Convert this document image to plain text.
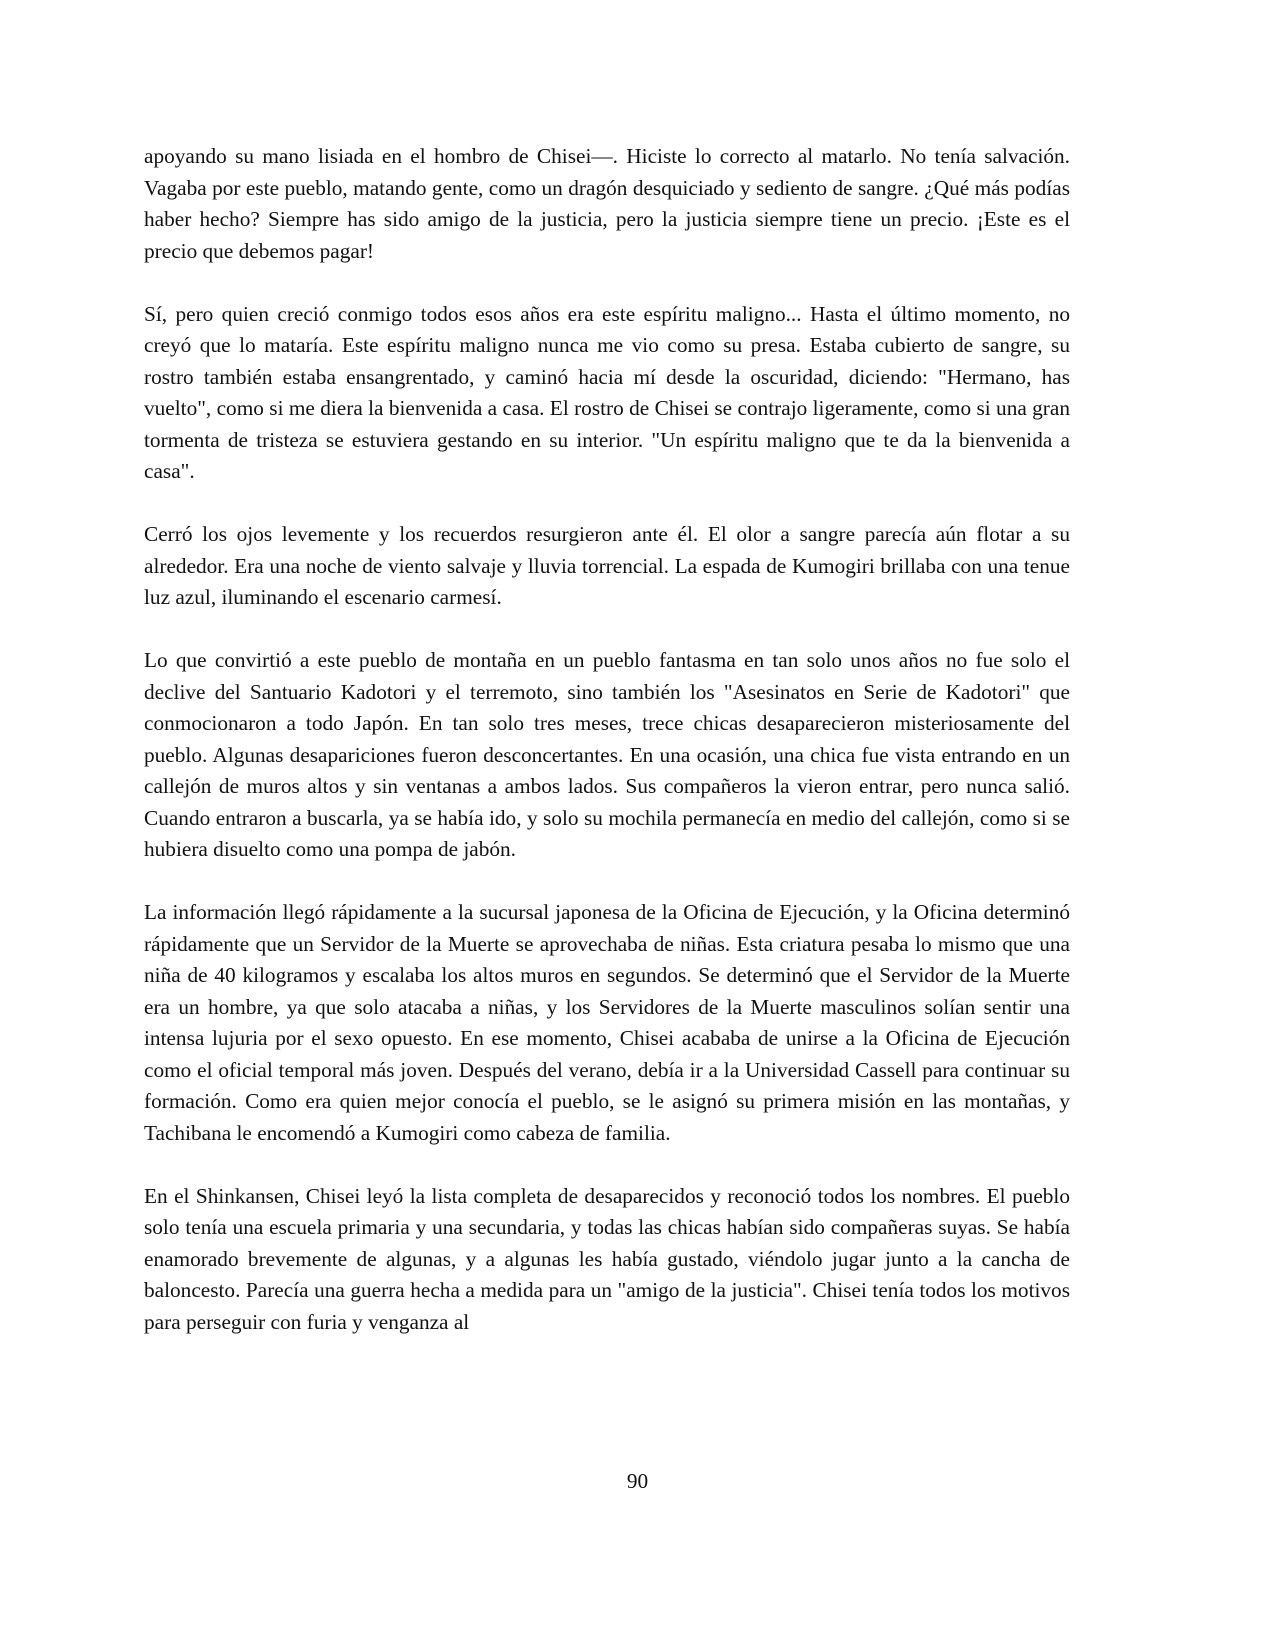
apoyando su mano lisiada en el hombro de Chisei—. Hiciste lo correcto al matarlo. No tenía salvación. Vagaba por este pueblo, matando gente, como un dragón desquiciado y sediento de sangre. ¿Qué más podías haber hecho? Siempre has sido amigo de la justicia, pero la justicia siempre tiene un precio. ¡Este es el precio que debemos pagar!

Sí, pero quien creció conmigo todos esos años era este espíritu maligno... Hasta el último momento, no creyó que lo mataría. Este espíritu maligno nunca me vio como su presa. Estaba cubierto de sangre, su rostro también estaba ensangrentado, y caminó hacia mí desde la oscuridad, diciendo: "Hermano, has vuelto", como si me diera la bienvenida a casa. El rostro de Chisei se contrajo ligeramente, como si una gran tormenta de tristeza se estuviera gestando en su interior. "Un espíritu maligno que te da la bienvenida a casa".

Cerró los ojos levemente y los recuerdos resurgieron ante él. El olor a sangre parecía aún flotar a su alrededor. Era una noche de viento salvaje y lluvia torrencial. La espada de Kumogiri brillaba con una tenue luz azul, iluminando el escenario carmesí.

Lo que convirtió a este pueblo de montaña en un pueblo fantasma en tan solo unos años no fue solo el declive del Santuario Kadotori y el terremoto, sino también los "Asesinatos en Serie de Kadotori" que conmocionaron a todo Japón. En tan solo tres meses, trece chicas desaparecieron misteriosamente del pueblo. Algunas desapariciones fueron desconcertantes. En una ocasión, una chica fue vista entrando en un callejón de muros altos y sin ventanas a ambos lados. Sus compañeros la vieron entrar, pero nunca salió. Cuando entraron a buscarla, ya se había ido, y solo su mochila permanecía en medio del callejón, como si se hubiera disuelto como una pompa de jabón.

La información llegó rápidamente a la sucursal japonesa de la Oficina de Ejecución, y la Oficina determinó rápidamente que un Servidor de la Muerte se aprovechaba de niñas. Esta criatura pesaba lo mismo que una niña de 40 kilogramos y escalaba los altos muros en segundos. Se determinó que el Servidor de la Muerte era un hombre, ya que solo atacaba a niñas, y los Servidores de la Muerte masculinos solían sentir una intensa lujuria por el sexo opuesto. En ese momento, Chisei acababa de unirse a la Oficina de Ejecución como el oficial temporal más joven. Después del verano, debía ir a la Universidad Cassell para continuar su formación. Como era quien mejor conocía el pueblo, se le asignó su primera misión en las montañas, y Tachibana le encomendó a Kumogiri como cabeza de familia.

En el Shinkansen, Chisei leyó la lista completa de desaparecidos y reconoció todos los nombres. El pueblo solo tenía una escuela primaria y una secundaria, y todas las chicas habían sido compañeras suyas. Se había enamorado brevemente de algunas, y a algunas les había gustado, viéndolo jugar junto a la cancha de baloncesto. Parecía una guerra hecha a medida para un "amigo de la justicia". Chisei tenía todos los motivos para perseguir con furia y venganza al

90
